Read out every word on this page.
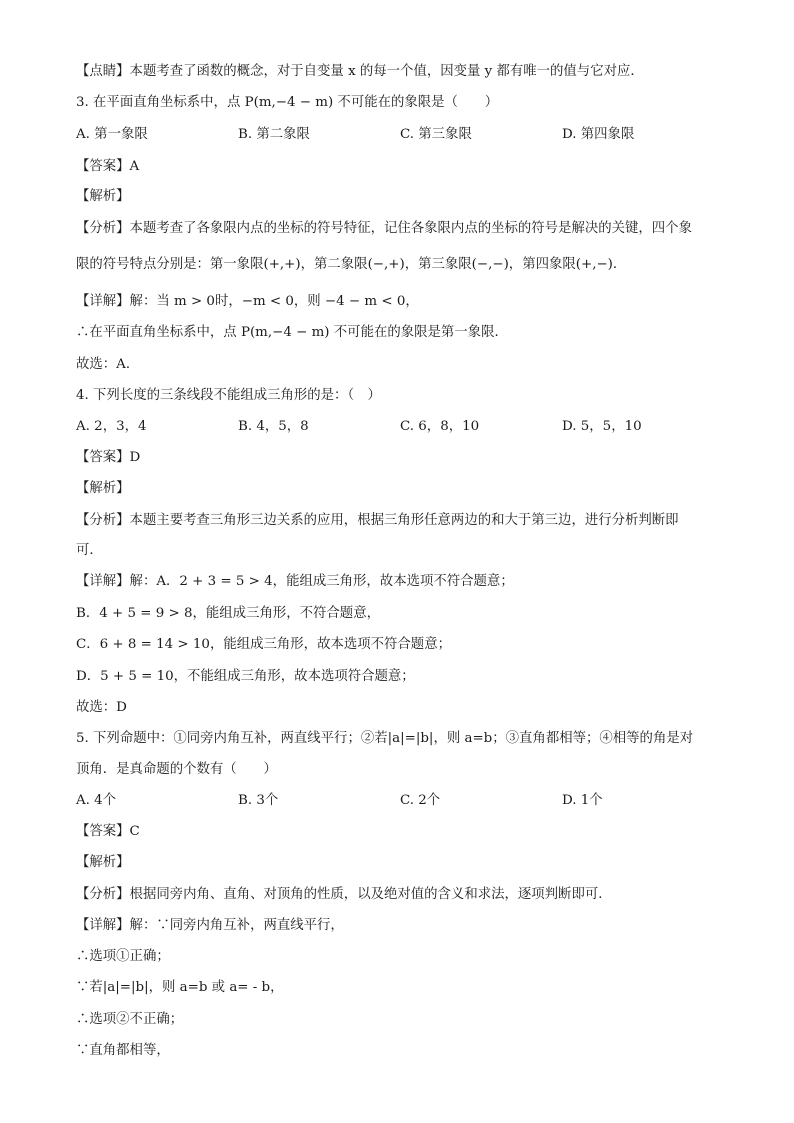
【点睛】本题考查了函数的概念，对于自变量 x 的每一个值，因变量 y 都有唯一的值与它对应．
3. 在平面直角坐标系中，点 P(m,−4 − m) 不可能在的象限是（　　）
A. 第一象限	B. 第二象限	C. 第三象限	D. 第四象限
【答案】A
【解析】
【分析】本题考查了各象限内点的坐标的符号特征，记住各象限内点的坐标的符号是解决的关键，四个象
限的符号特点分别是：第一象限(+,+)，第二象限(−,+)，第三象限(−,−)，第四象限(+,−)．
【详解】解：当 m > 0时，−m < 0，则 −4 − m < 0，
∴在平面直角坐标系中，点 P(m,−4 − m) 不可能在的象限是第一象限．
故选：A．
4. 下列长度的三条线段不能组成三角形的是：（　）
A. 2，3，4	B. 4，5，8	C. 6，8，10	D. 5，5，10
【答案】D
【解析】
【分析】本题主要考查三角形三边关系的应用，根据三角形任意两边的和大于第三边，进行分析判断即
可．
【详解】解：A．2 + 3 = 5 > 4，能组成三角形，故本选项不符合题意；
B．4 + 5 = 9 > 8，能组成三角形，不符合题意，
C．6 + 8 = 14 > 10，能组成三角形，故本选项不符合题意；
D．5 + 5 = 10，不能组成三角形，故本选项符合题意；
故选：D
5. 下列命题中：①同旁内角互补，两直线平行；②若|a|=|b|，则 a=b；③直角都相等；④相等的角是对
顶角．是真命题的个数有（　　）
A. 4个	B. 3个	C. 2个	D. 1个
【答案】C
【解析】
【分析】根据同旁内角、直角、对顶角的性质，以及绝对值的含义和求法，逐项判断即可．
【详解】解：∵同旁内角互补，两直线平行，
∴选项①正确；
∵若|a|=|b|，则 a=b 或 a= - b，
∴选项②不正确；
∵直角都相等，
